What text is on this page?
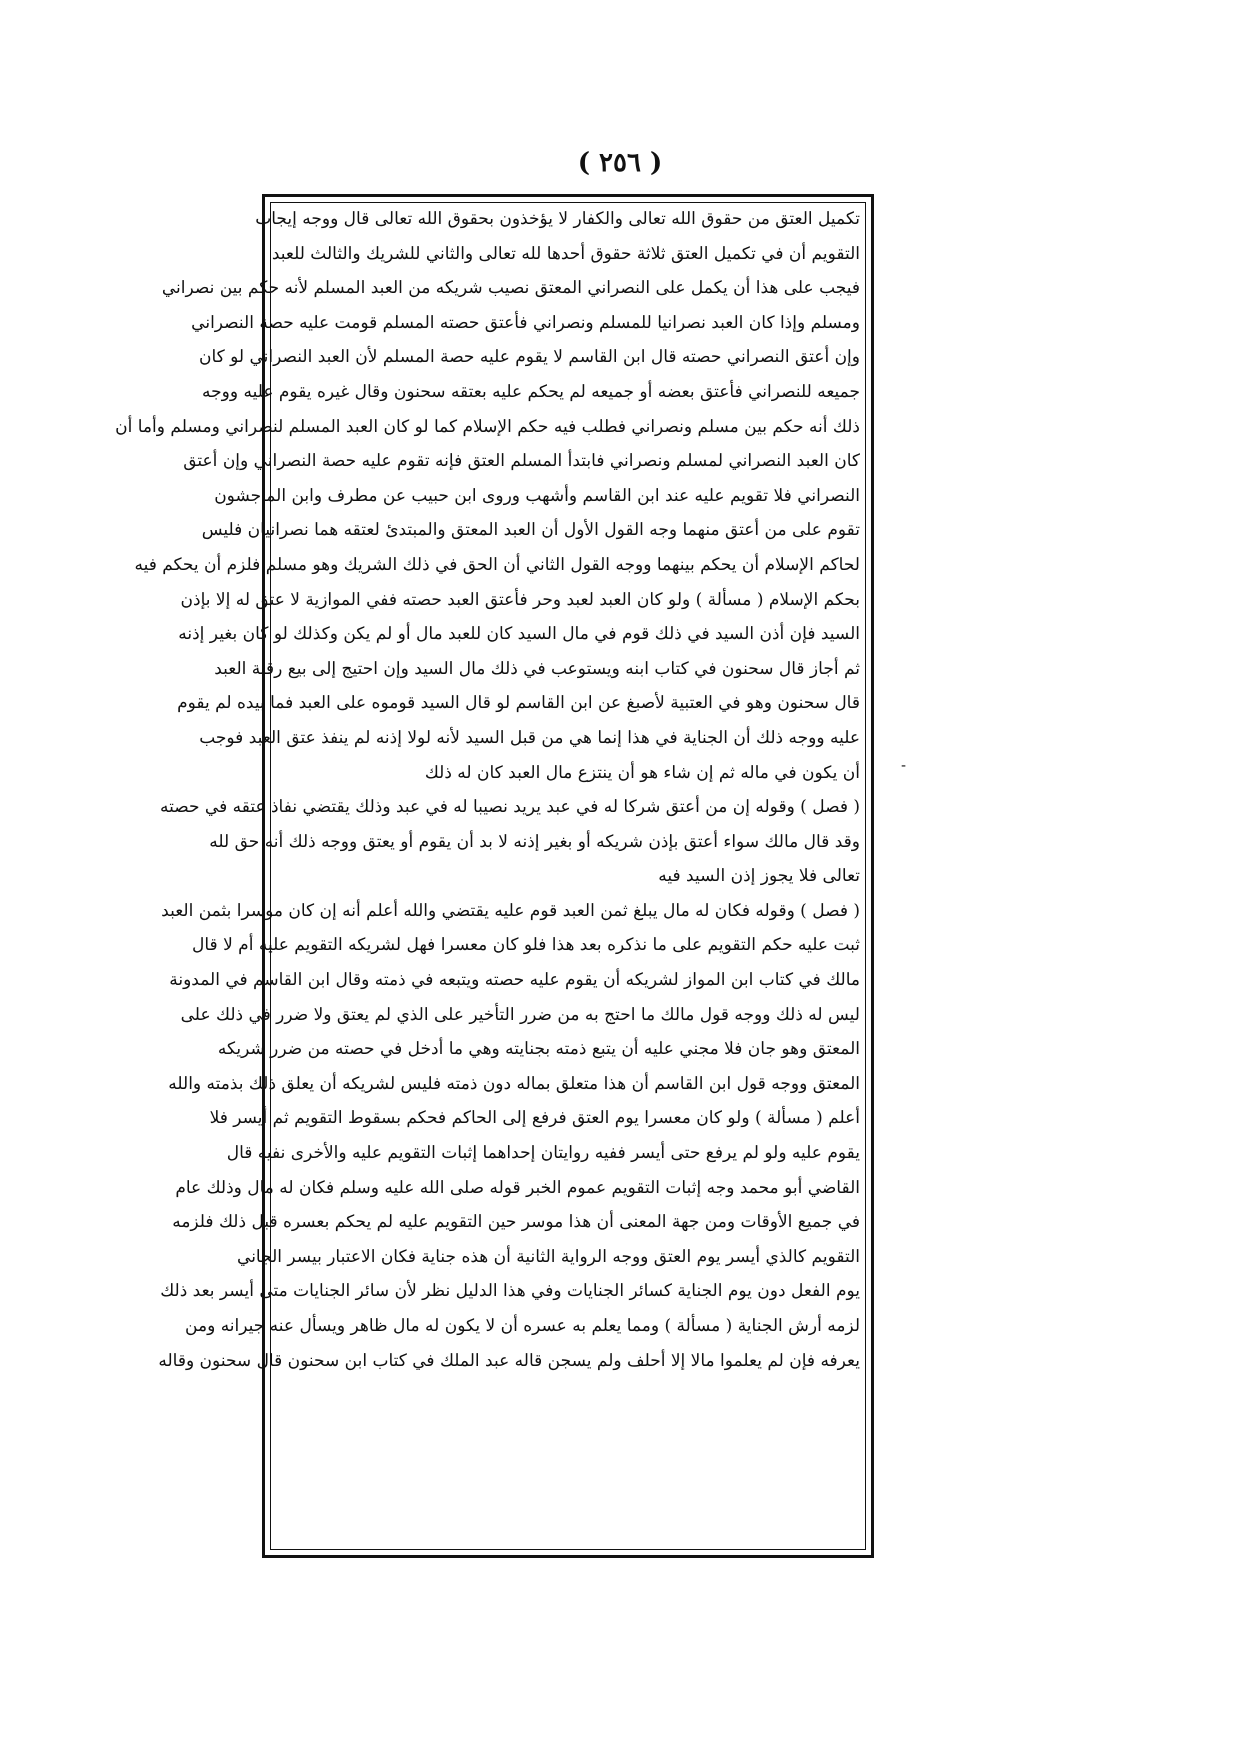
( ٢٥٦ )
تكميل العتق من حقوق الله تعالى والكفار لا يؤخذون بحقوق الله تعالى قال ووجه إيجاب
التقويم أن في تكميل العتق ثلاثة حقوق أحدها لله تعالى والثاني للشريك والثالث للعبد
فيجب على هذا أن يكمل على النصراني المعتق نصيب شريكه من العبد المسلم لأنه حكم بين نصراني
ومسلم وإذا كان العبد نصرانيا للمسلم ونصراني فأعتق حصته المسلم قومت عليه حصة النصراني
وإن أعتق النصراني حصته قال ابن القاسم لا يقوم عليه حصة المسلم لأن العبد النصراني لو كان
جميعه للنصراني فأعتق بعضه أو جميعه لم يحكم عليه بعتقه سحنون وقال غيره يقوم عليه ووجه
ذلك أنه حكم بين مسلم ونصراني فطلب فيه حكم الإسلام كما لو كان العبد المسلم لنصراني ومسلم وأما أن
كان العبد النصراني لمسلم ونصراني فابتدأ المسلم العتق فإنه تقوم عليه حصة النصراني وإن أعتق
النصراني فلا تقويم عليه عند ابن القاسم وأشهب وروى ابن حبيب عن مطرف وابن الماجشون
تقوم على من أعتق منهما وجه القول الأول أن العبد المعتق والمبتدئ لعتقه هما نصرانيان فليس
لحاكم الإسلام أن يحكم بينهما ووجه القول الثاني أن الحق في ذلك الشريك وهو مسلم فلزم أن يحكم فيه
بحكم الإسلام ( مسألة ) ولو كان العبد لعبد وحر فأعتق العبد حصته ففي الموازية لا عتق له إلا بإذن
السيد فإن أذن السيد في ذلك قوم في مال السيد كان للعبد مال أو لم يكن وكذلك لو كان بغير إذنه
ثم أجاز قال سحنون في كتاب ابنه ويستوعب في ذلك مال السيد وإن احتيج إلى بيع رقبة العبد
قال سحنون وهو في العتبية لأصبغ عن ابن القاسم لو قال السيد قوموه على العبد فما بيده لم يقوم
عليه ووجه ذلك أن الجناية في هذا إنما هي من قبل السيد لأنه لولا إذنه لم ينفذ عتق العبد فوجب
أن يكون في ماله ثم إن شاء هو أن ينتزع مال العبد كان له ذلك
( فصل ) وقوله إن من أعتق شركا له في عبد يريد نصيبا له في عبد وذلك يقتضي نفاذ عتقه في حصته
وقد قال مالك سواء أعتق بإذن شريكه أو بغير إذنه لا بد أن يقوم أو يعتق ووجه ذلك أنه حق لله
تعالى فلا يجوز إذن السيد فيه
( فصل ) وقوله فكان له مال يبلغ ثمن العبد قوم عليه يقتضي والله أعلم أنه إن كان موسرا بثمن العبد
ثبت عليه حكم التقويم على ما نذكره بعد هذا فلو كان معسرا فهل لشريكه التقويم عليه أم لا قال
مالك في كتاب ابن المواز لشريكه أن يقوم عليه حصته ويتبعه في ذمته وقال ابن القاسم في المدونة
ليس له ذلك ووجه قول مالك ما احتج به من ضرر التأخير على الذي لم يعتق ولا ضرر في ذلك على
المعتق وهو جان فلا مجني عليه أن يتبع ذمته بجنايته وهي ما أدخل في حصته من ضرر شريكه
المعتق ووجه قول ابن القاسم أن هذا متعلق بماله دون ذمته فليس لشريكه أن يعلق ذلك بذمته والله
أعلم ( مسألة ) ولو كان معسرا يوم العتق فرفع إلى الحاكم فحكم بسقوط التقويم ثم أيسر فلا
يقوم عليه ولو لم يرفع حتى أيسر ففيه روايتان إحداهما إثبات التقويم عليه والأخرى نفيه قال
القاضي أبو محمد وجه إثبات التقويم عموم الخبر قوله صلى الله عليه وسلم فكان له مال وذلك عام
في جميع الأوقات ومن جهة المعنى أن هذا موسر حين التقويم عليه لم يحكم بعسره قبل ذلك فلزمه
التقويم كالذي أيسر يوم العتق ووجه الرواية الثانية أن هذه جناية فكان الاعتبار بيسر الجاني
يوم الفعل دون يوم الجناية كسائر الجنايات وفي هذا الدليل نظر لأن سائر الجنايات متى أيسر بعد ذلك
لزمه أرش الجناية ( مسألة ) ومما يعلم به عسره أن لا يكون له مال ظاهر ويسأل عنه جيرانه ومن
يعرفه فإن لم يعلموا مالا إلا أحلف ولم يسجن قاله عبد الملك في كتاب ابن سحنون قال سحنون وقاله
-
